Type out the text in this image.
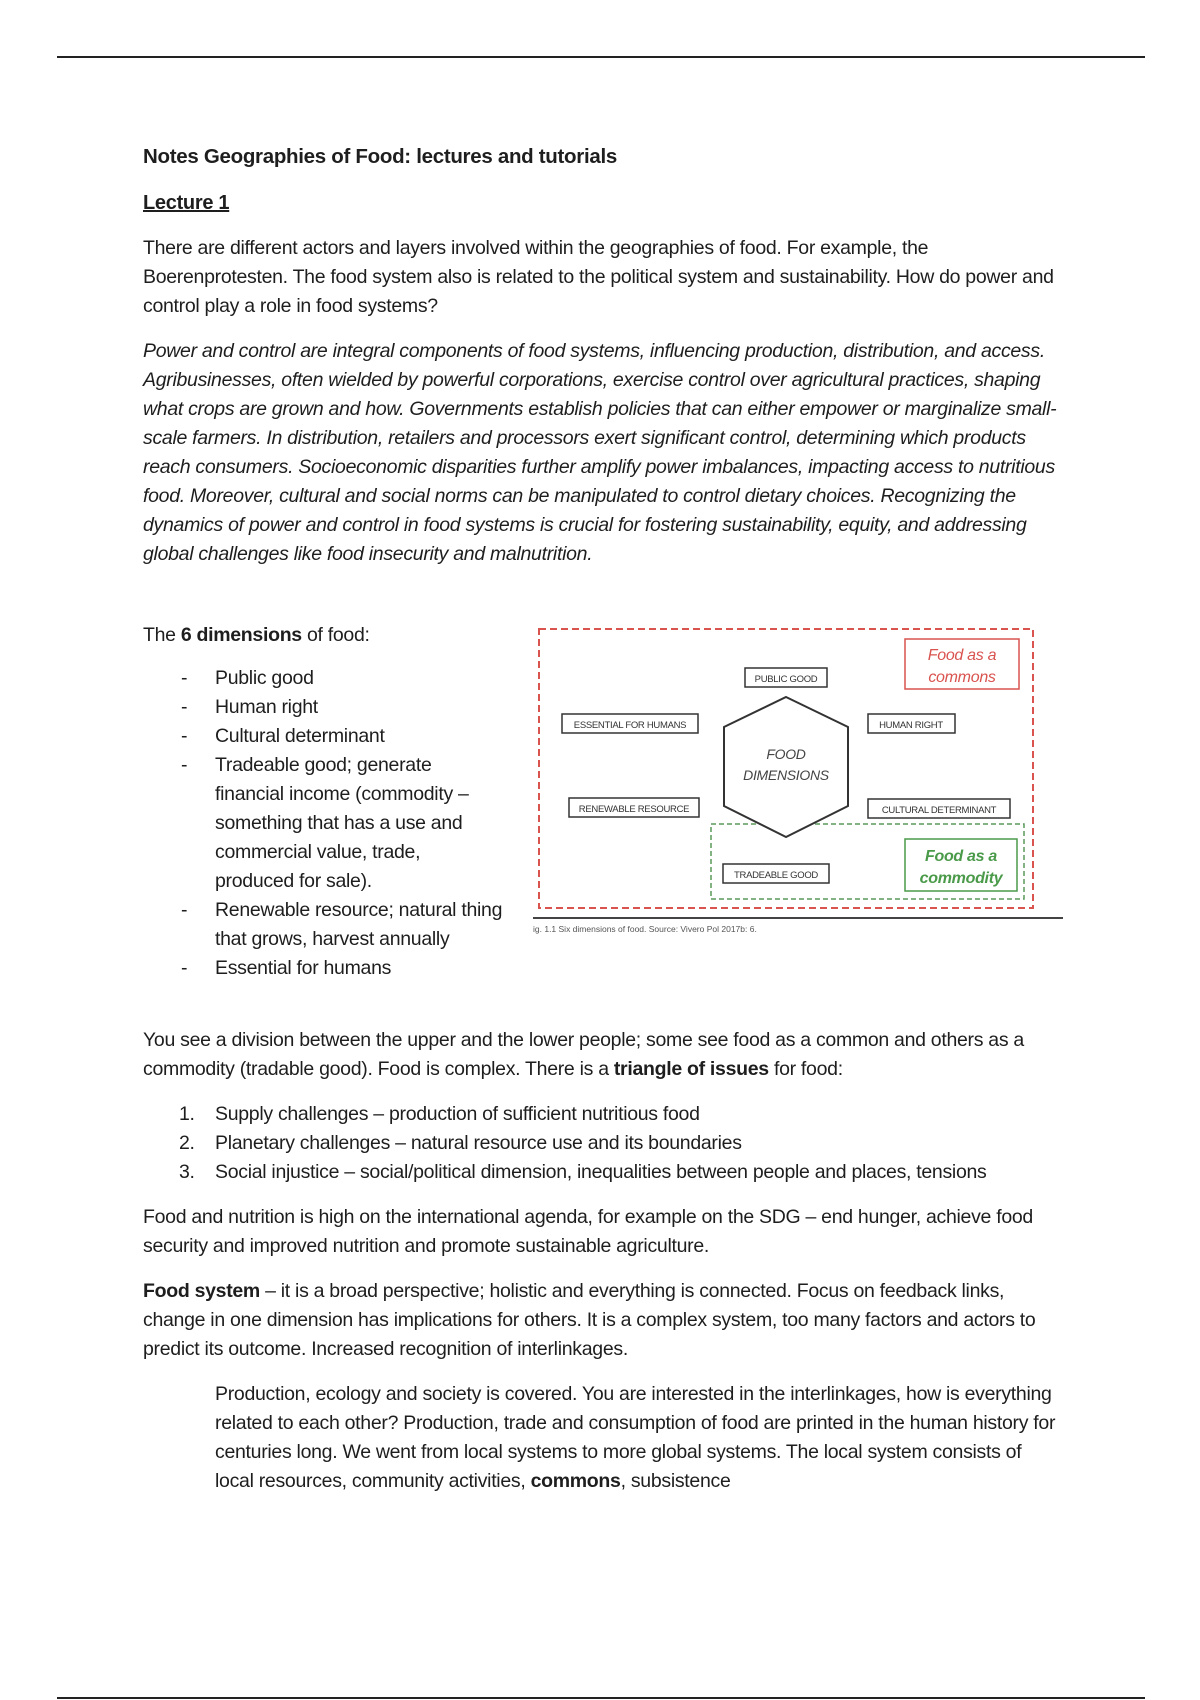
Notes Geographies of Food: lectures and tutorials
Lecture 1

There are different actors and layers involved within the geographies of food. For example, the Boerenprotesten. The food system also is related to the political system and sustainability. How do power and control play a role in food systems?

Power and control are integral components of food systems, influencing production, distribution, and access. Agribusinesses, often wielded by powerful corporations, exercise control over agricultural practices, shaping what crops are grown and how. Governments establish policies that can either empower or marginalize small-scale farmers. In distribution, retailers and processors exert significant control, determining which products reach consumers. Socioeconomic disparities further amplify power imbalances, impacting access to nutritious food. Moreover, cultural and social norms can be manipulated to control dietary choices. Recognizing the dynamics of power and control in food systems is crucial for fostering sustainability, equity, and addressing global challenges like food insecurity and malnutrition.

The 6 dimensions of food:
- Public good
- Human right
- Cultural determinant
- Tradeable good; generate financial income (commodity – something that has a use and commercial value, trade, produced for sale).
- Renewable resource; natural thing that grows, harvest annually
- Essential for humans
FOOD
DIMENSIONS
PUBLIC GOOD
ESSENTIAL FOR HUMANS	HUMAN RIGHT
RENEWABLE RESOURCE	CULTURAL DETERMINANT
TRADEABLE GOOD
Food as a
commons
Food as a
commodity
ig. 1.1 Six dimensions of food. Source: Vivero Pol 2017b: 6.

You see a division between the upper and the lower people; some see food as a common and others as a commodity (tradable good). Food is complex. There is a triangle of issues for food:

1. Supply challenges – production of sufficient nutritious food
2. Planetary challenges – natural resource use and its boundaries
3. Social injustice – social/political dimension, inequalities between people and places, tensions

Food and nutrition is high on the international agenda, for example on the SDG – end hunger, achieve food security and improved nutrition and promote sustainable agriculture.

Food system – it is a broad perspective; holistic and everything is connected. Focus on feedback links, change in one dimension has implications for others. It is a complex system, too many factors and actors to predict its outcome. Increased recognition of interlinkages.

Production, ecology and society is covered. You are interested in the interlinkages, how is everything related to each other? Production, trade and consumption of food are printed in the human history for centuries long. We went from local systems to more global systems. The local system consists of local resources, community activities, commons, subsistence
